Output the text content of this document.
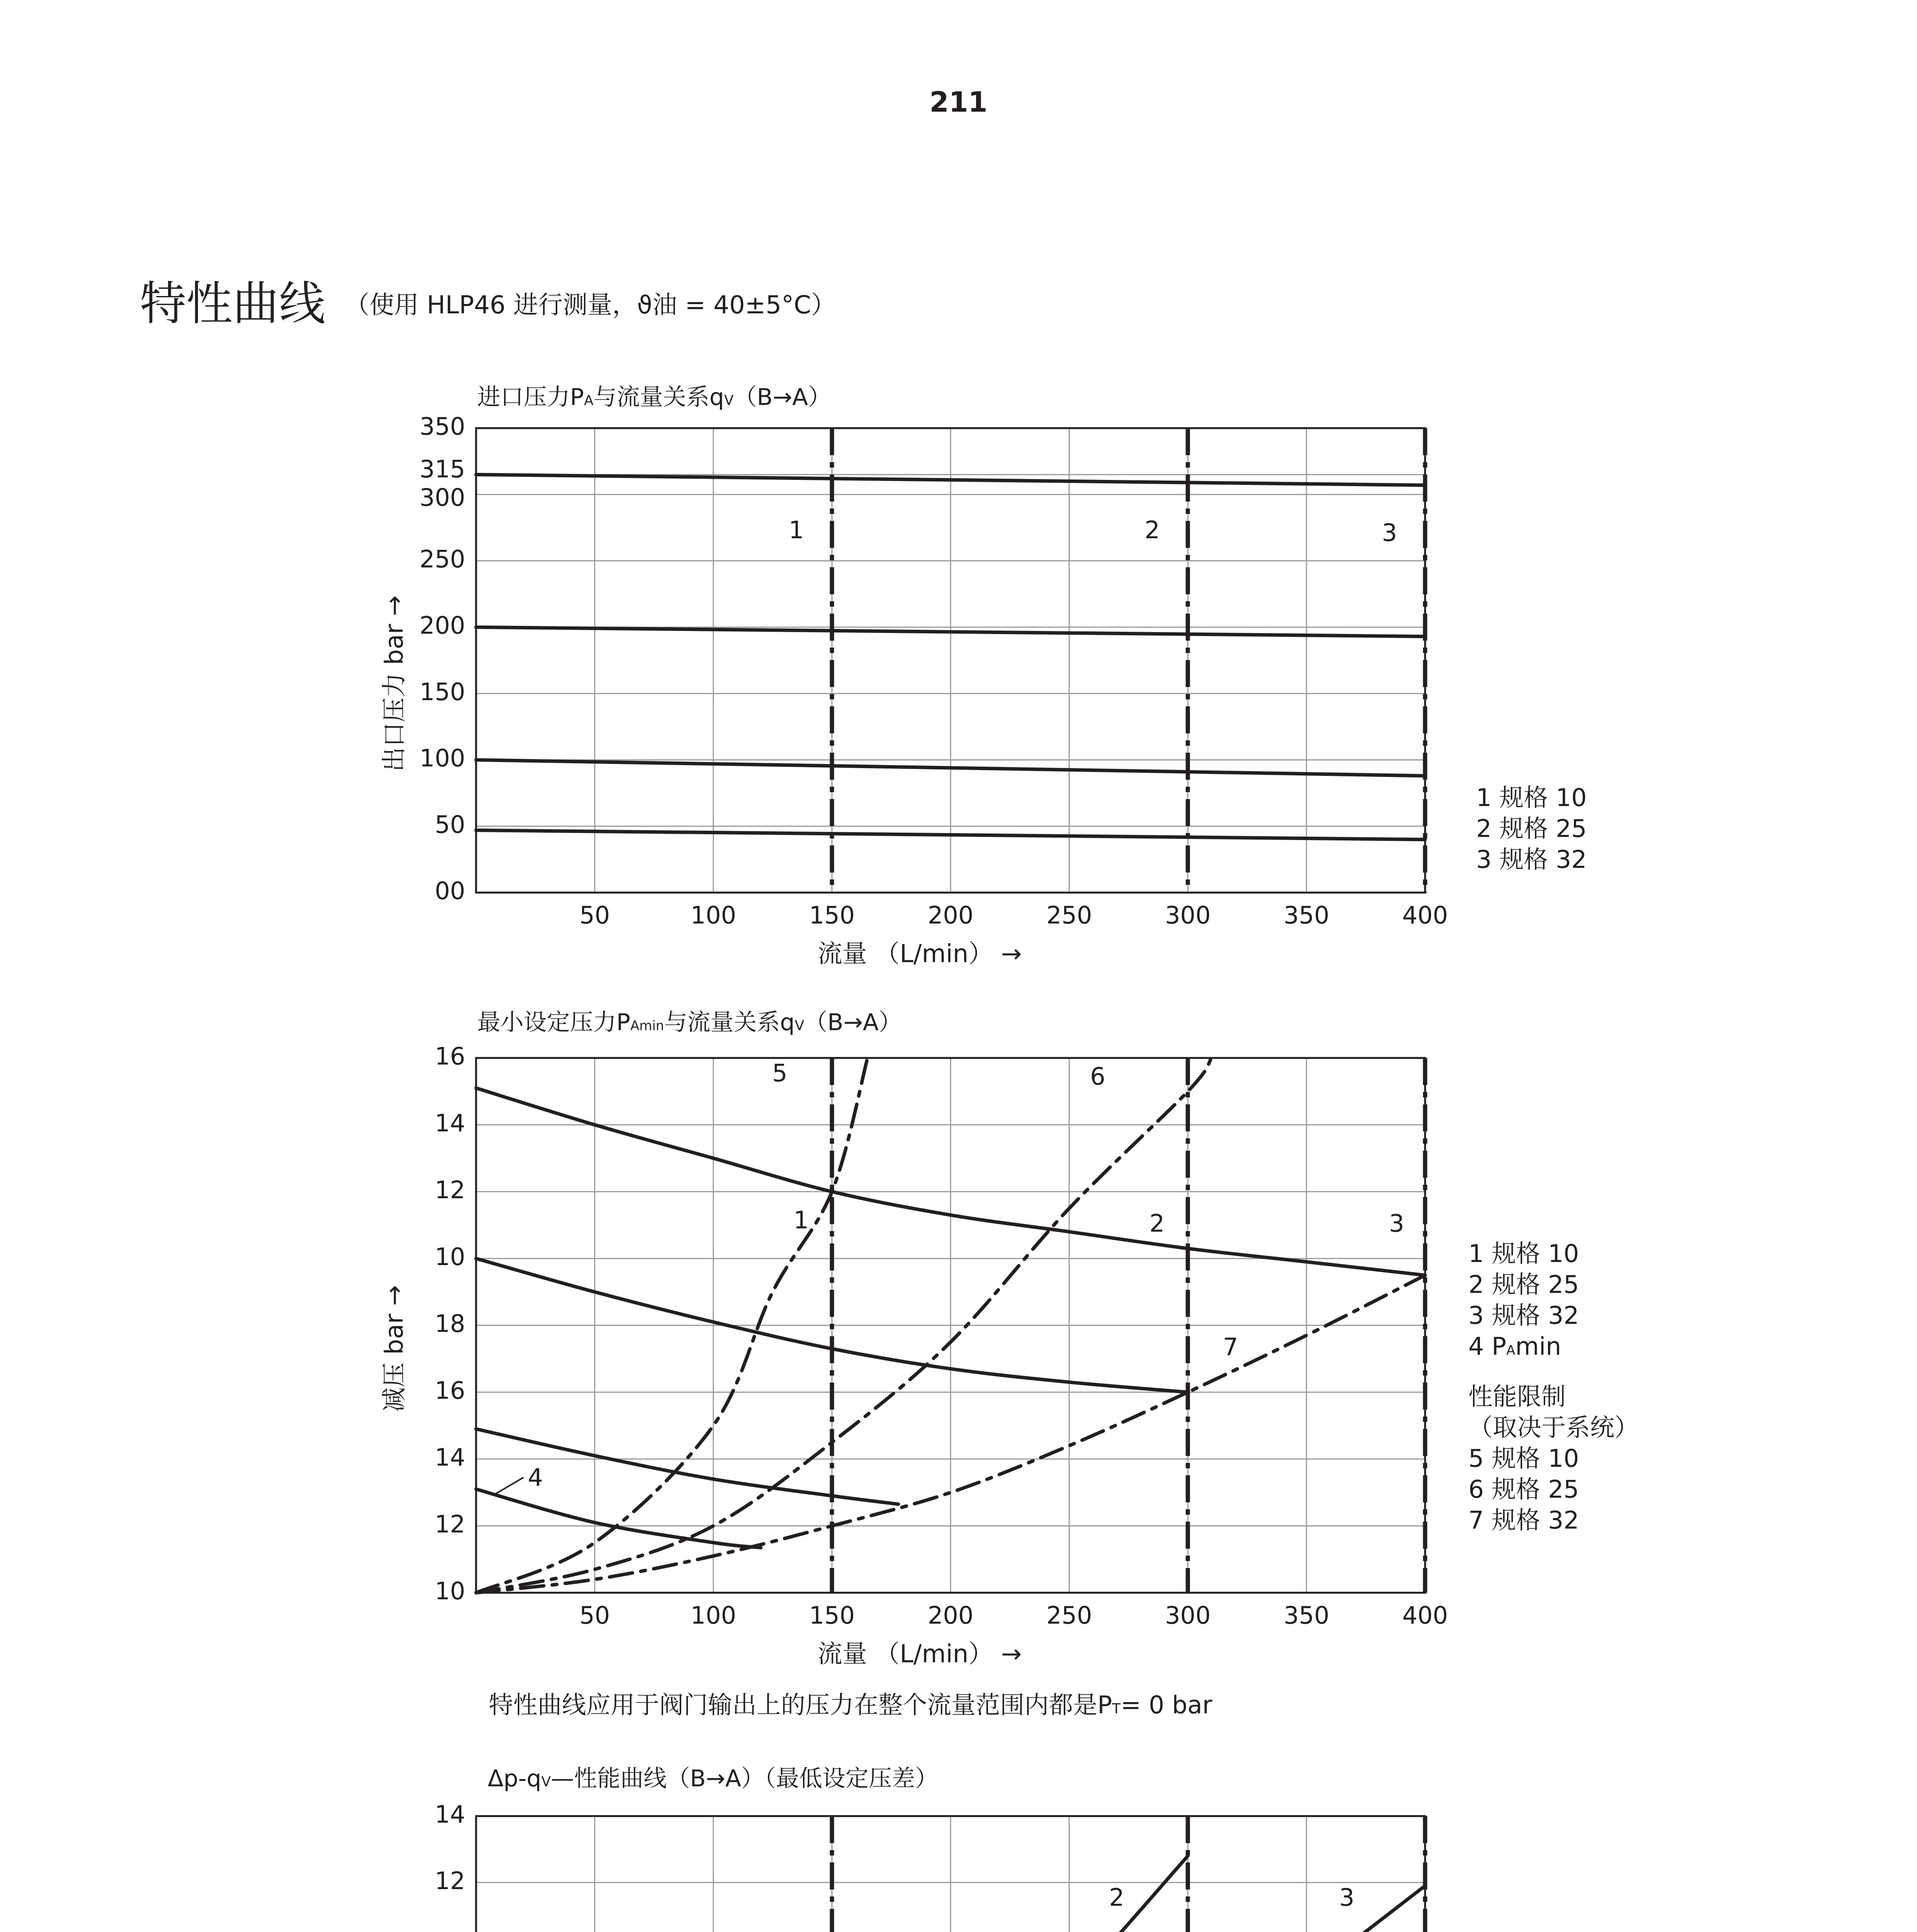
211
特性曲线 （使用 HLP46 进行测量，ϑ油 = 40±5°C）
进口压力PA与流量关系qV（B→A）
1	2	3
50	100	150	200	250	300	350	400
00
50
100
150
200
250
300
315
350
流量 （L/min） →
出口压力 bar →
1 规格 10
2 规格 25
3 规格 32
最小设定压力PAmin与流量关系qV（B→A）
5	6
1	2	3
7
4
50	100	150	200	250	300	350	400
10
12
14
16
18
10
12
14
16
流量 （L/min） →
减压 bar →
1 规格 10
2 规格 25
3 规格 32
4 PAmin
性能限制
（取决于系统）
5 规格 10
6 规格 25
7 规格 32
特性曲线应用于阀门输出上的压力在整个流量范围内都是PT= 0 bar
Δp-qV—性能曲线（B→A）（最低设定压差）
2	3
12
14
